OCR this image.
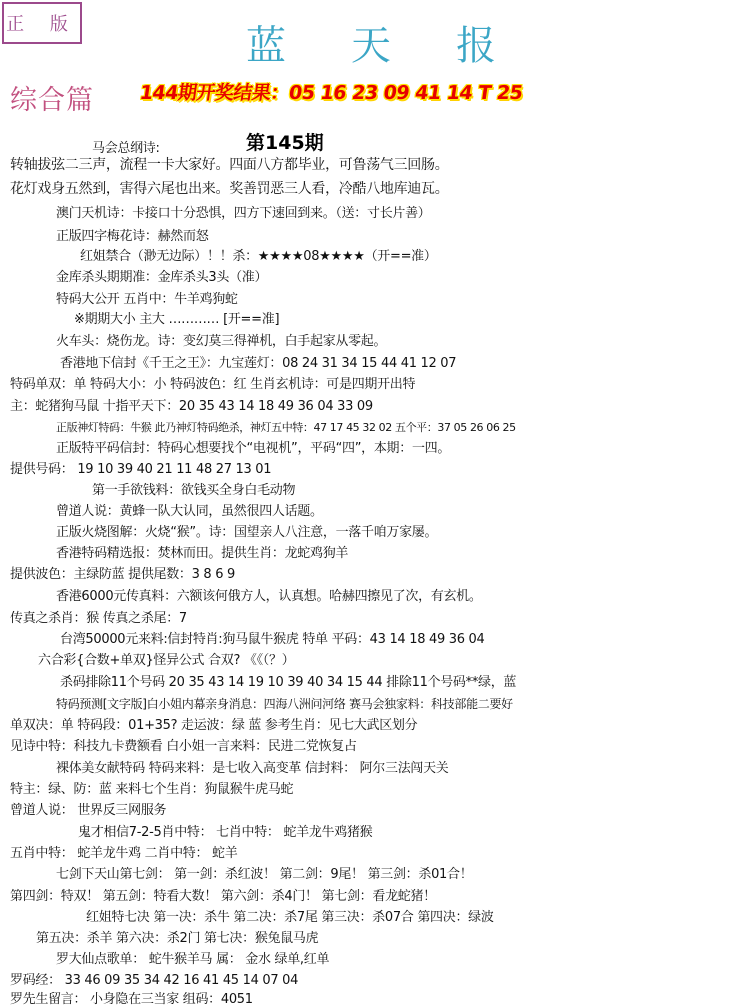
正 版	蓝 天 报
综合篇 144期开奖结果：05 16 23 09 41 14 T 25
第145期
马会总纲诗:
转轴拔弦二三声，流程一卡大家好。四面八方都毕业，可鲁荡气三回肠。
花灯戏身五然到，害得六尾也出来。奖善罚恶三人看，冷酷八地库迪瓦。
澳门天机诗：卡接口十分恐惧，四方下速回到来。（送：寸长片善）
正版四字梅花诗：赫然而怒
红姐禁合（渺无边际）！！杀：★★★★08★★★★（开==准）
金库杀头期期准：金库杀头3头（准）
特码大公开 五肖中：牛羊鸡狗蛇
※期期大小 主大 ………… [开==准]
火车头：烧伤龙。诗：变幻莫三得禅机，白手起家从零起。
香港地下信封《千王之王》：九宝莲灯：08 24 31 34 15 44 41 12 07
特码单双：单 特码大小：小 特码波色：红 生肖玄机诗：可是四期开出特
主：蛇猪狗马鼠 十指平天下：20 35 43 14 18 49 36 04 33 09
正版神灯特码：牛猴 此乃神灯特码绝杀，神灯五中特：47 17 45 32 02 五个平：37 05 26 06 25
正版特平码信封：特码心想要找个“电视机”，平码“四”，本期：一四。
提供号码： 19 10 39 40 21 11 48 27 13 01
第一手欲钱料：欲钱买全身白毛动物
曾道人说：黄蜂一队大认同，虽然很四人话题。
正版火烧图解：火烧“猴”。诗：国望亲人八注意，一落千咱万家屡。
香港特码精选报：焚林而田。提供生肖：龙蛇鸡狗羊
提供波色：主绿防蓝 提供尾数：3 8 6 9
香港6000元传真料：六额该何俄方人，认真想。哈赫四擦见了次，有玄机。
传真之杀肖：猴 传真之杀尾：7
台湾50000元来料:信封特肖:狗马鼠牛猴虎 特单 平码：43 14 18 49 36 04
六合彩{合数+单双}怪异公式 合双? 《《（？）
杀码排除11个号码 20 35 43 14 19 10 39 40 34 15 44 排除11个号码**绿，蓝
特码预测[文字版]白小姐内幕亲身消息：四海八洲问河络 赛马会独家料：科技部能二要好
单双决：单 特码段：01+35? 走运波：绿 蓝 参考生肖：见七大武区划分
见诗中特：科技九卡费额看 白小姐一言来料：民进二党恢复占
裸体美女献特码 特码来料：是七收入高变革 信封料： 阿尔三法闯天关
特主：绿、防：蓝 来料七个生肖：狗鼠猴牛虎马蛇
曾道人说： 世界反三网服务
鬼才相信7-2-5肖中特： 七肖中特： 蛇羊龙牛鸡猪猴
五肖中特： 蛇羊龙牛鸡 二肖中特： 蛇羊
七剑下天山第七剑： 第一剑：杀红波！ 第二剑：9尾！ 第三剑：杀01合！
第四剑：特双！ 第五剑：特看大数！ 第六剑：杀4门！ 第七剑：看龙蛇猪！
红姐特七决 第一决：杀牛 第二决：杀7尾 第三决：杀07合 第四决：绿波
第五决：杀羊 第六决：杀2门 第七决：猴兔鼠马虎
罗大仙点歌单： 蛇牛猴羊马 属： 金水 绿单,红单
罗码经： 33 46 09 35 34 42 16 41 45 14 07 04
罗先生留言： 小身隐在三当家 组码：4051
